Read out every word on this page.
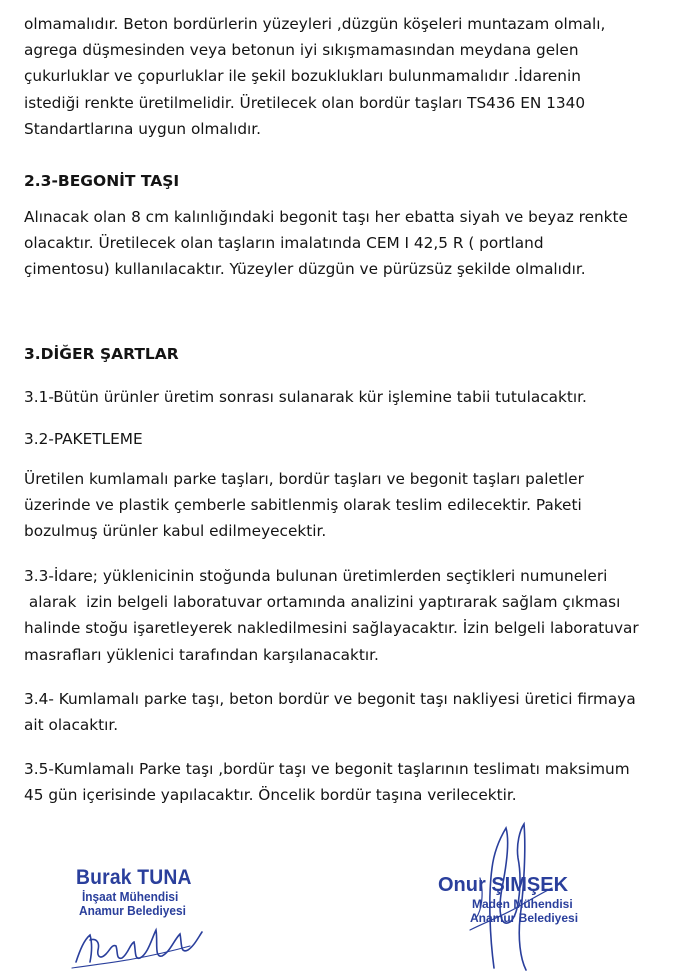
olmamalıdır. Beton bordürlerin yüzeyleri ,düzgün köşeleri muntazam olmalı,
agrega düşmesinden veya betonun iyi sıkışmamasından meydana gelen
çukurluklar ve çopurluklar ile şekil bozuklukları bulunmamalıdır .İdarenin
istediği renkte üretilmelidir. Üretilecek olan bordür taşları TS436 EN 1340
Standartlarına uygun olmalıdır.

2.3-BEGONİT TAŞI

Alınacak olan 8 cm kalınlığındaki begonit taşı her ebatta siyah ve beyaz renkte
olacaktır. Üretilecek olan taşların imalatında CEM I 42,5 R ( portland
çimentosu) kullanılacaktır. Yüzeyler düzgün ve pürüzsüz şekilde olmalıdır.

3.DİĞER ŞARTLAR

3.1-Bütün ürünler üretim sonrası sulanarak kür işlemine tabii tutulacaktır.

3.2-PAKETLEME

Üretilen kumlamalı parke taşları, bordür taşları ve begonit taşları paletler
üzerinde ve plastik çemberle sabitlenmiş olarak teslim edilecektir. Paketi
bozulmuş ürünler kabul edilmeyecektir.

3.3-İdare; yüklenicinin stoğunda bulunan üretimlerden seçtikleri numuneleri
alarak  izin belgeli laboratuvar ortamında analizini yaptırarak sağlam çıkması
halinde stoğu işaretleyerek nakledilmesini sağlayacaktır. İzin belgeli laboratuvar
masrafları yüklenici tarafından karşılanacaktır.

3.4- Kumlamalı parke taşı, beton bordür ve begonit taşı nakliyesi üretici firmaya
ait olacaktır.

3.5-Kumlamalı Parke taşı ,bordür taşı ve begonit taşlarının teslimatı maksimum
45 gün içerisinde yapılacaktır. Öncelik bordür taşına verilecektir.

Burak TUNA
İnşaat Mühendisi
Anamur Belediyesi
Onur ŞIMŞEK
Maden Mühendisi
Anamur Belediyesi
